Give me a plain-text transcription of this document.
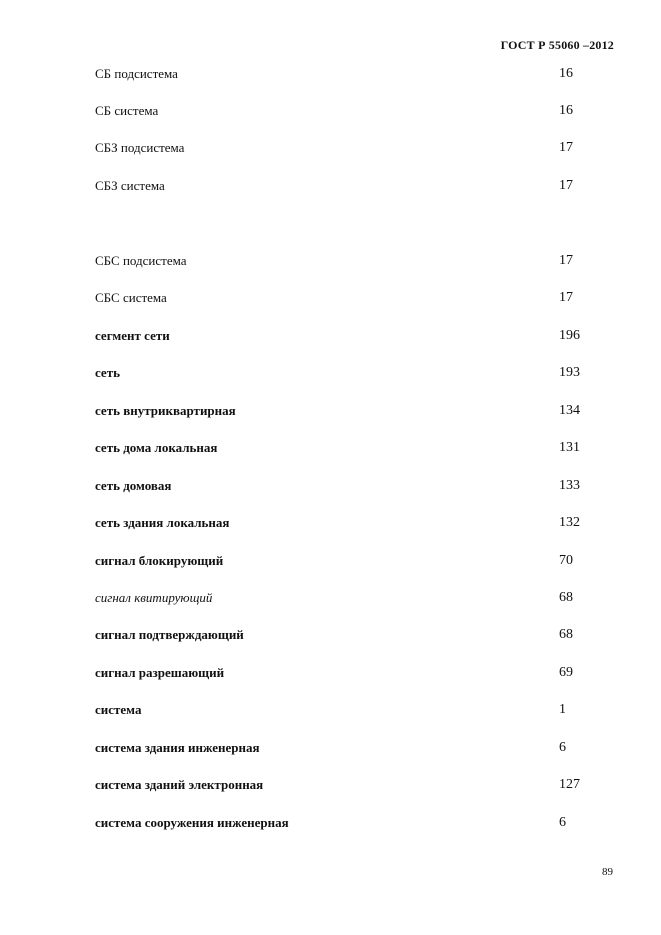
ГОСТ Р 55060 –2012
СБ подсистема	16
СБ система	16
СБЗ подсистема	17
СБЗ система	17
СБС подсистема	17
СБС система	17
сегмент сети	196
сеть	193
сеть внутриквартирная	134
сеть дома локальная	131
сеть домовая	133
сеть здания локальная	132
сигнал блокирующий	70
сигнал квитирующий	68
сигнал подтверждающий	68
сигнал разрешающий	69
система	1
система здания инженерная	6
система зданий электронная	127
система сооружения инженерная	6
89
